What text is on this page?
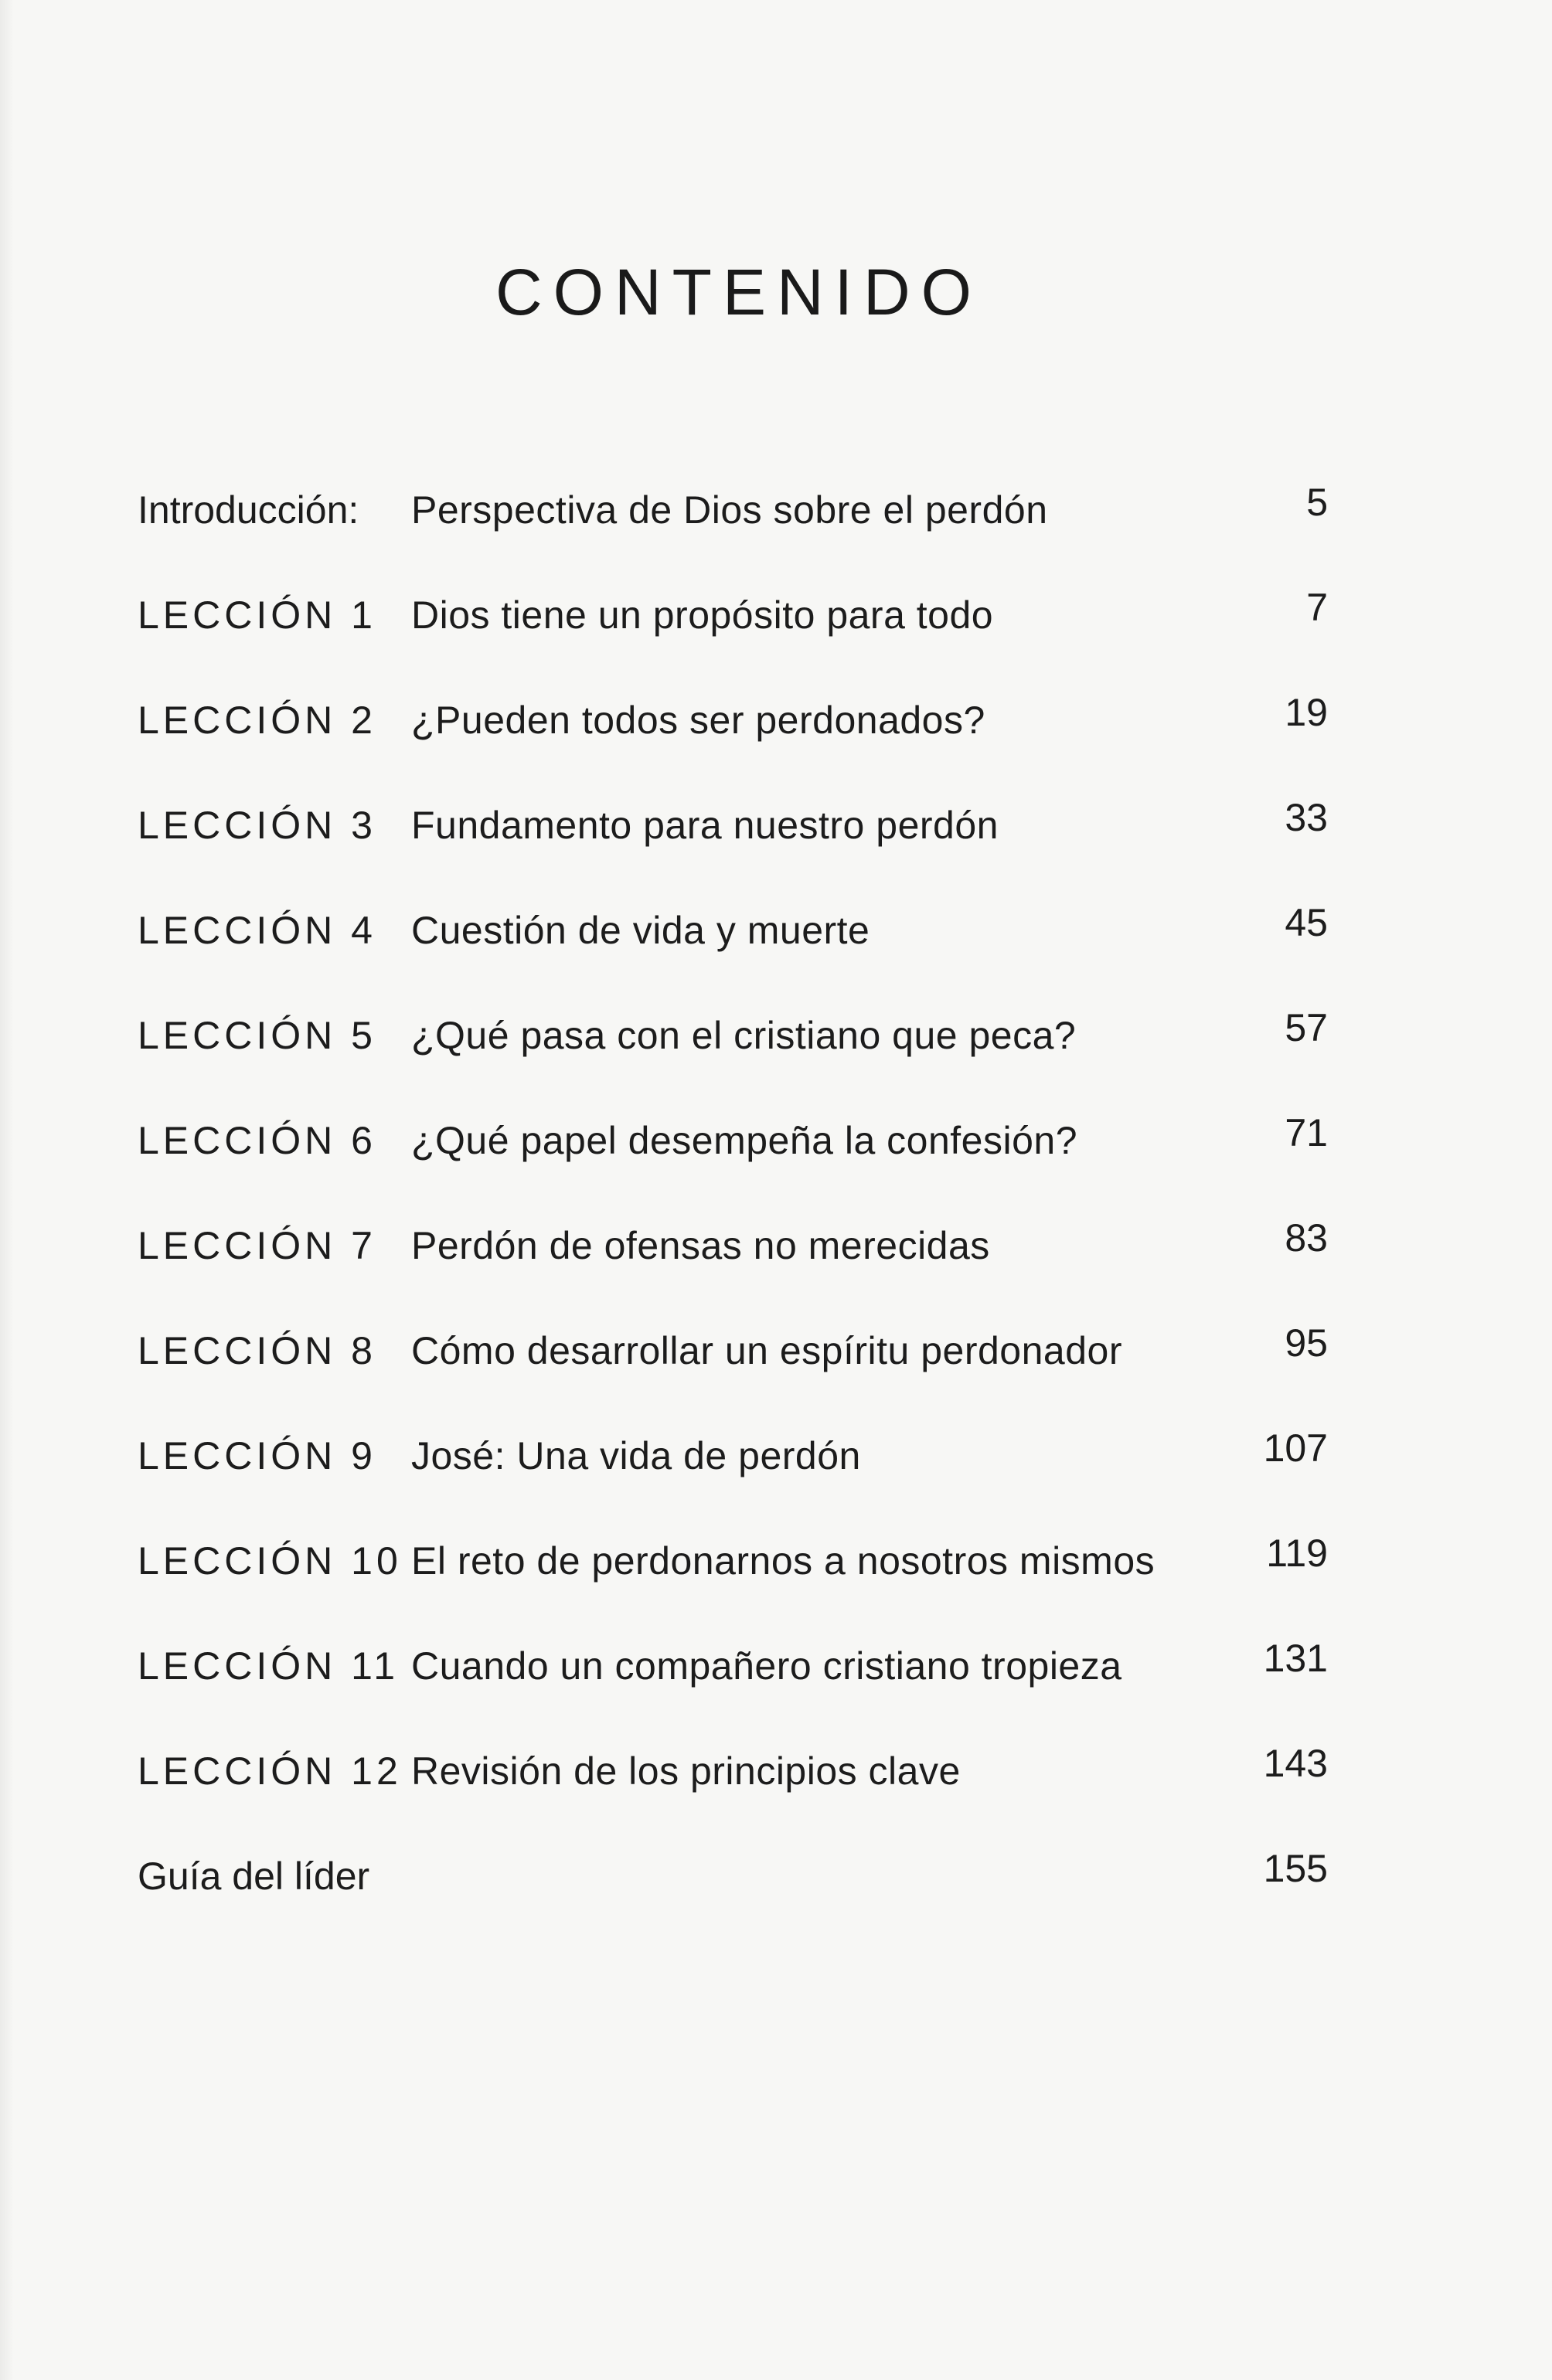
CONTENIDO
Introducción: Perspectiva de Dios sobre el perdón	5
LECCIÓN 1 Dios tiene un propósito para todo	7
LECCIÓN 2 ¿Pueden todos ser perdonados?	19
LECCIÓN 3 Fundamento para nuestro perdón	33
LECCIÓN 4 Cuestión de vida y muerte	45
LECCIÓN 5 ¿Qué pasa con el cristiano que peca?	57
LECCIÓN 6 ¿Qué papel desempeña la confesión?	71
LECCIÓN 7 Perdón de ofensas no merecidas	83
LECCIÓN 8 Cómo desarrollar un espíritu perdonador	95
LECCIÓN 9 José: Una vida de perdón	107
LECCIÓN 10 El reto de perdonarnos a nosotros mismos	119
LECCIÓN 11 Cuando un compañero cristiano tropieza	131
LECCIÓN 12 Revisión de los principios clave	143
Guía del líder	155
